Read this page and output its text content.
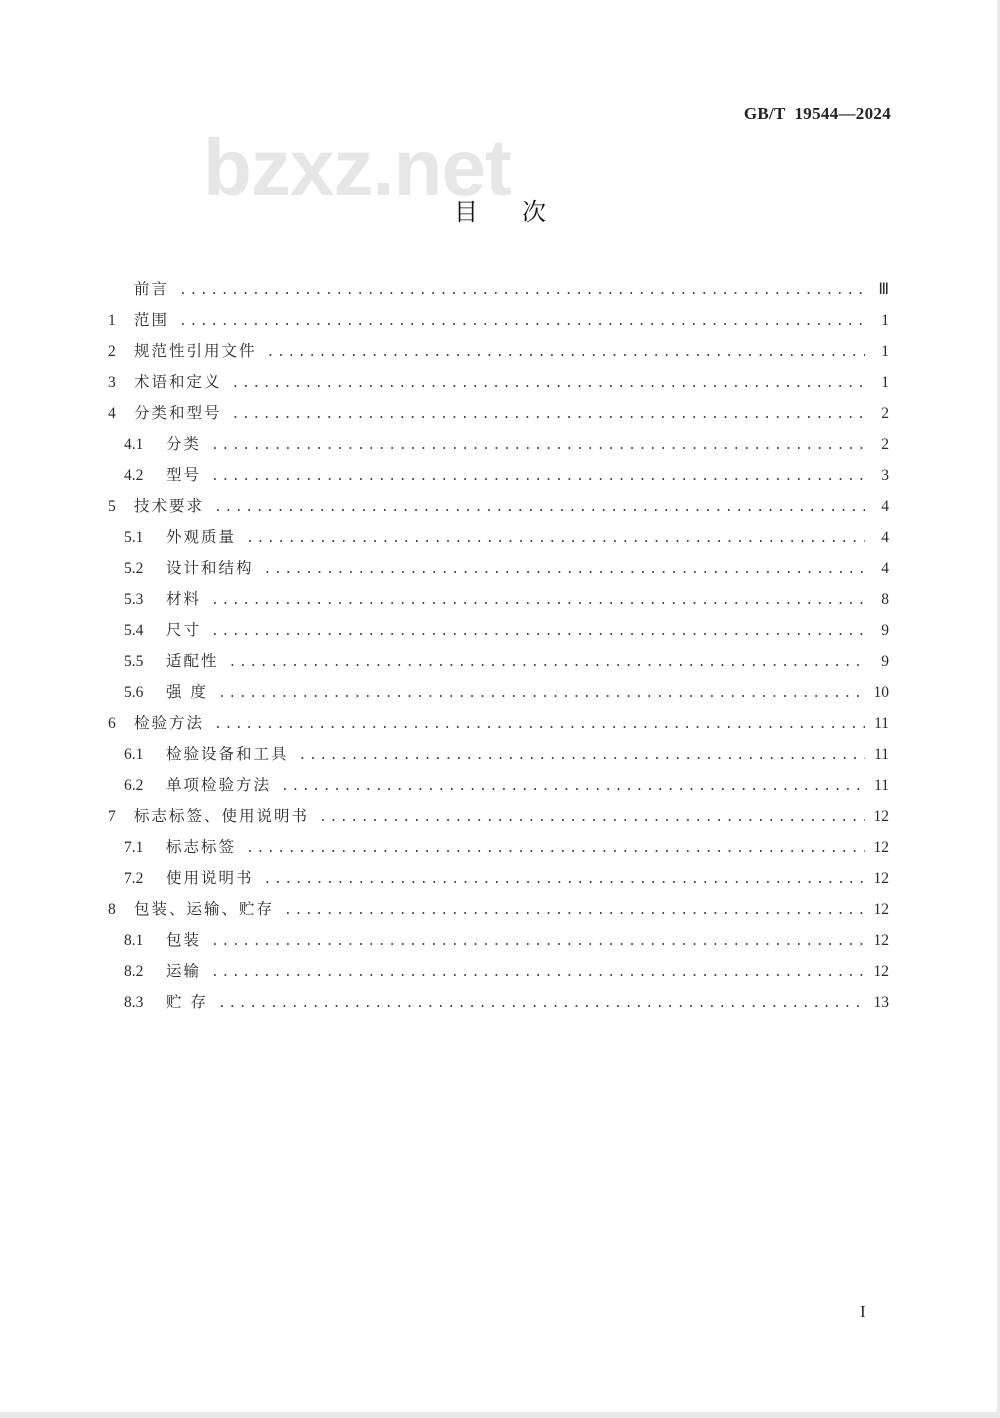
GB/T  19544—2024
bzxz.net
目次
前言 .....	Ⅲ
1	范围 .....	1
2	规范性引用文件 .....	1
3	术语和定义 .....	1
4	分类和型号 .....	2
4.1	分类 .....	2
4.2	型号 .....	3
5	技术要求 .....	4
5.1	外观质量 .....	4
5.2	设计和结构 .....	4
5.3	材料 .....	8
5.4	尺寸 .....	9
5.5	适配性 .....	9
5.6	强 度 .....	10
6	检验方法 .....	11
6.1	检验设备和工具 .....	11
6.2	单项检验方法 .....	11
7	标志标签、使用说明书 .....	12
7.1	标志标签 .....	12
7.2	使用说明书 .....	12
8	包装、运输、贮存 .....	12
8.1	包装 .....	12
8.2	运输 .....	12
8.3	贮 存 .....	13
I
